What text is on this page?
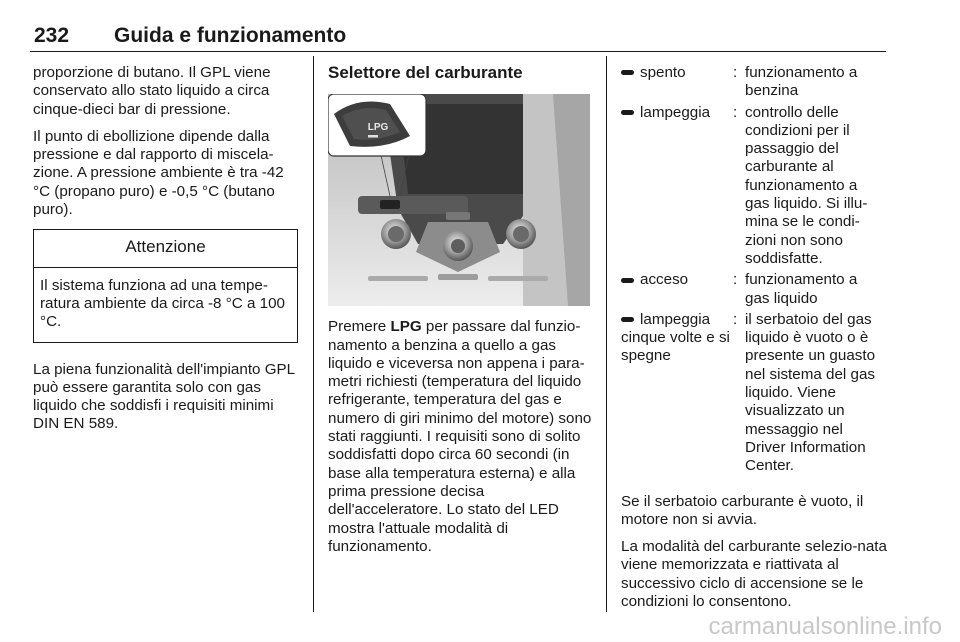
232 Guida e funzionamento

proporzione di butano. Il GPL viene conservato allo stato liquido a circa cinque-dieci bar di pressione.

Il punto di ebollizione dipende dalla pressione e dal rapporto di miscela-zione. A pressione ambiente è tra -42 °C (propano puro) e -0,5 °C (butano puro).

Attenzione
Il sistema funziona ad una tempe-ratura ambiente da circa -8 °C a 100 °C.

La piena funzionalità dell'impianto GPL può essere garantita solo con gas liquido che soddisfi i requisiti minimi DIN EN 589.

Selettore del carburante
LPG

Premere LPG per passare dal funzio-namento a benzina a quello a gas liquido e viceversa non appena i para-metri richiesti (temperatura del liquido refrigerante, temperatura del gas e numero di giri minimo del motore) sono stati raggiunti. I requisiti sono di solito soddisfatti dopo circa 60 secondi (in base alla temperatura esterna) e alla prima pressione decisa dell'acceleratore. Lo stato del LED mostra l'attuale modalità di funzionamento.

spento	:	funzionamento a benzina
lampeggia	:	controllo delle condizioni per il passaggio del carburante al funzionamento a gas liquido. Si illu-mina se le condi-zioni non sono soddisfatte.
acceso	:	funzionamento a gas liquido
lampeggia cinque volte e si spegne	:	il serbatoio del gas liquido è vuoto o è presente un guasto nel sistema del gas liquido. Viene visualizzato un messaggio nel Driver Information Center.

Se il serbatoio carburante è vuoto, il motore non si avvia.

La modalità del carburante selezio-nata viene memorizzata e riattivata al successivo ciclo di accensione se le condizioni lo consentono.

carmanualsonline.info
